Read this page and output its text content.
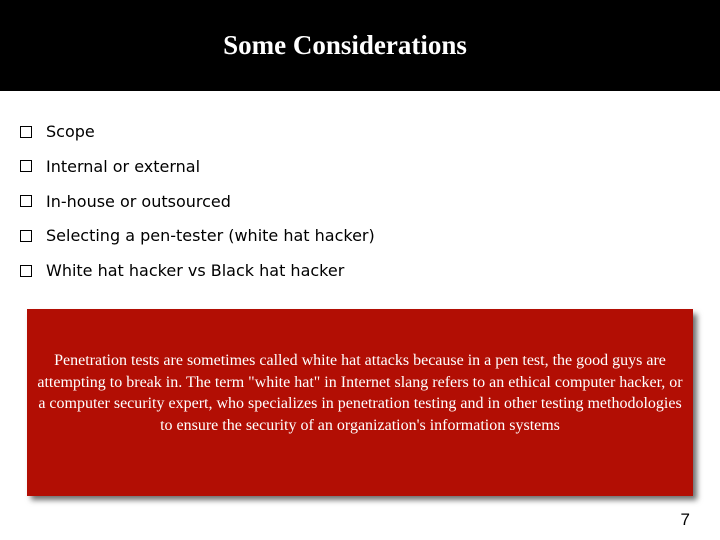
Some Considerations
Scope
Internal or external
In-house or outsourced
Selecting a pen-tester (white hat hacker)
White hat hacker vs Black hat hacker
Penetration tests are sometimes called white hat attacks because in a pen test, the good guys are attempting to break in. The term "white hat" in Internet slang refers to an ethical computer hacker, or a computer security expert, who specializes in penetration testing and in other testing methodologies to ensure the security of an organization's information systems
7
